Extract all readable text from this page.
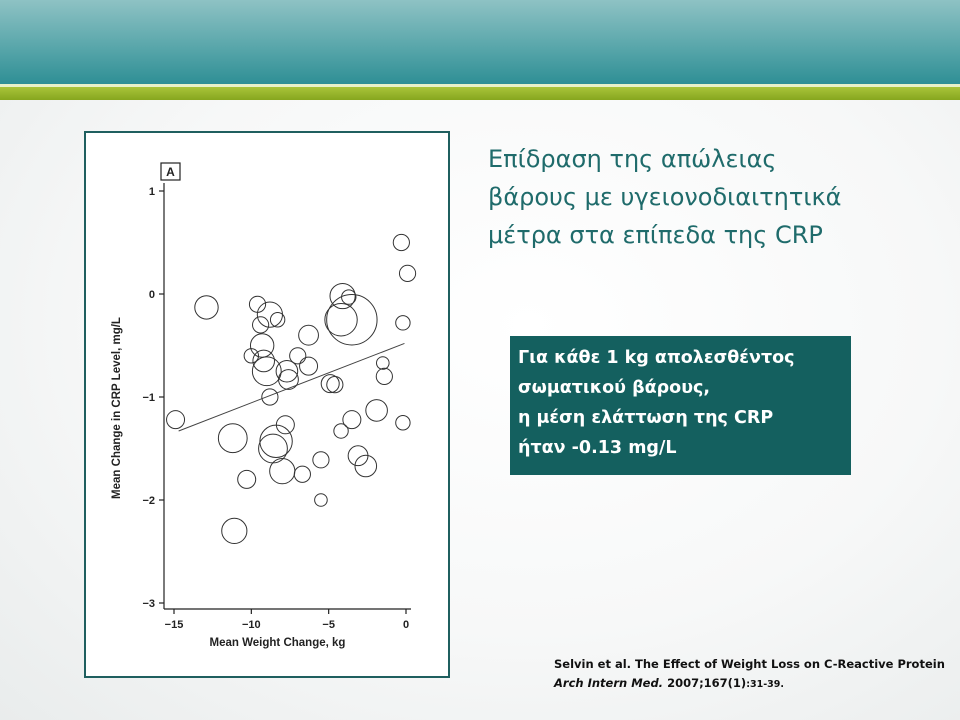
1
0
−1
−2
−3
−15	−10	−5	0
Mean Weight Change, kg
Mean Change in CRP Level, mg/L
A	Επίδραση της απώλειας
βάρους με υγειονοδιαιτητικά
μέτρα στα επίπεδα της CRP
Για κάθε 1 kg απολεσθέντος
σωματικού βάρους,
η μέση ελάττωση της CRP
ήταν -0.13 mg/L
Selvin et al. The Effect of Weight Loss on C-Reactive Protein
Arch Intern Med. 2007;167(1):31-39.
